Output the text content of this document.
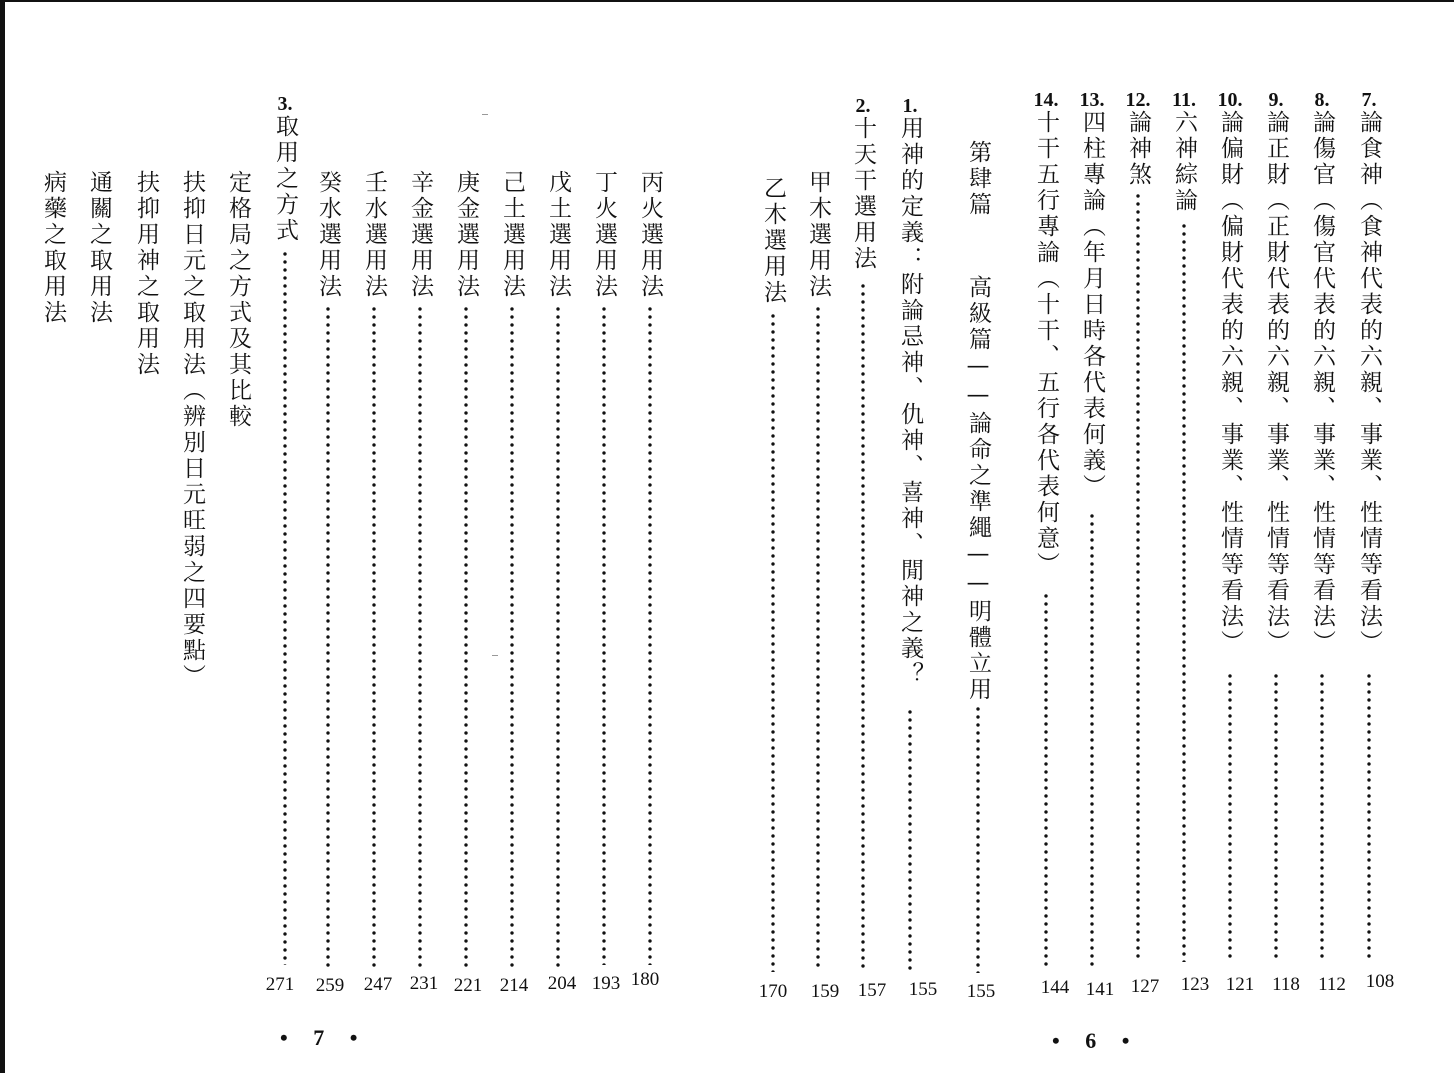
7.
論食神（食神代表的六親、事業、性情等看法）
108
8.
論傷官（傷官代表的六親、事業、性情等看法）
112
9.
論正財（正財代表的六親、事業、性情等看法）
118
10.
論偏財（偏財代表的六親、事業、性情等看法）
121
11.
六神綜論
123
12.
論神煞
127
13.
四柱專論（年月日時各代表何義）
141
14.
十干五行專論（十干、五行各代表何意）
144
第肆篇
高級篇——論命之準繩——明體立用
155
1.
用神的定義：附論忌神、仇神、喜神、閒神之義？
155
2.
十天干選用法
157
甲木選用法
159
乙木選用法
170
• 6 •
丙火選用法
180
丁火選用法
193
戊土選用法
204
己土選用法
214
庚金選用法
221
辛金選用法
231
壬水選用法
247
癸水選用法
259
3.
取用之方式
271
定格局之方式及其比較
扶抑日元之取用法（辨別日元旺弱之四要點）
扶抑用神之取用法
通關之取用法
病藥之取用法
• 7 •
